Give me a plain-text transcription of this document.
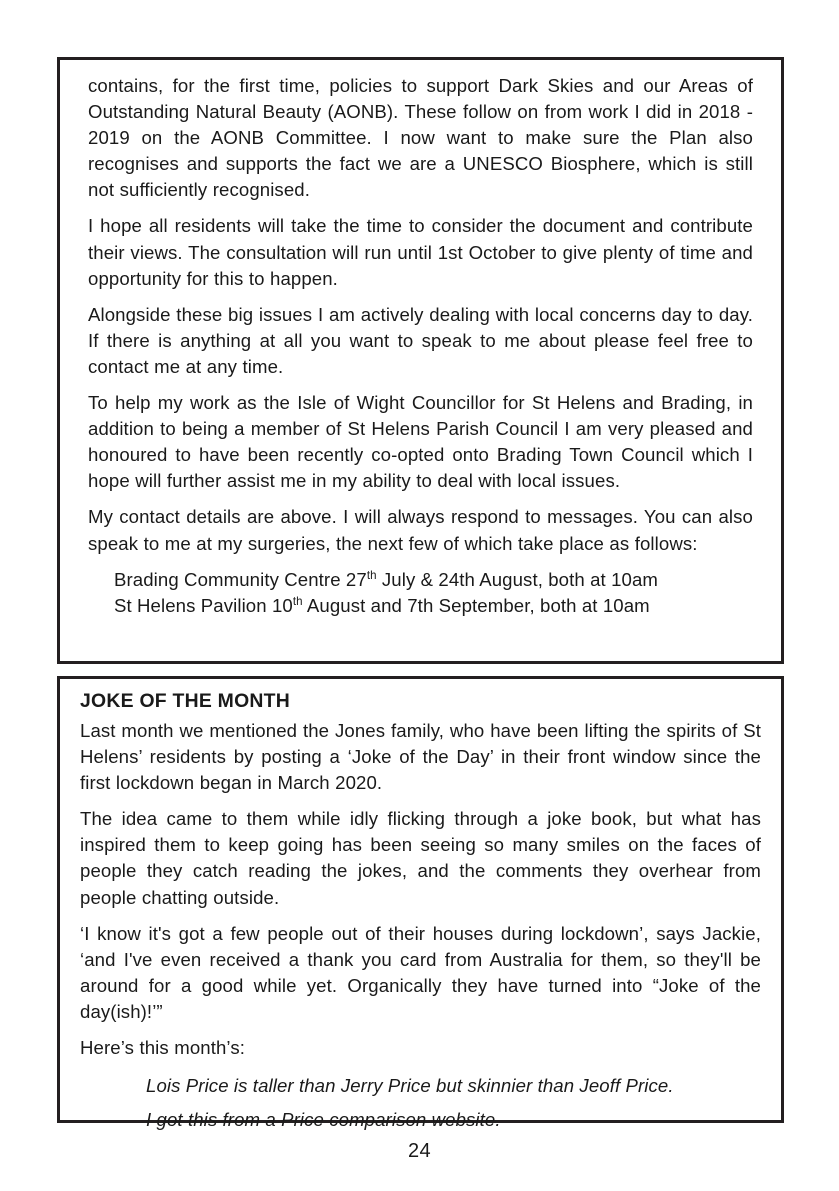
contains, for the first time, policies to support Dark Skies and our Areas of Outstanding Natural Beauty (AONB). These follow on from work I did in 2018 - 2019 on the AONB Committee. I now want to make sure the Plan also recognises and supports the fact we are a UNESCO Biosphere, which is still not sufficiently recognised.

I hope all residents will take the time to consider the document and contribute their views. The consultation will run until 1st October to give plenty of time and opportunity for this to happen.

Alongside these big issues I am actively dealing with local concerns day to day. If there is anything at all you want to speak to me about please feel free to contact me at any time.

To help my work as the Isle of Wight Councillor for St Helens and Brading, in addition to being a member of St Helens Parish Council I am very pleased and honoured to have been recently co-opted onto Brading Town Council which I hope will further assist me in my ability to deal with local issues.

My contact details are above. I will always respond to messages. You can also speak to me at my surgeries, the next few of which take place as follows:

Brading Community Centre 27th July & 24th August, both at 10am
St Helens Pavilion 10th August and 7th September, both at 10am
JOKE OF THE MONTH

Last month we mentioned the Jones family, who have been lifting the spirits of St Helens’ residents by posting a ‘Joke of the Day’ in their front window since the first lockdown began in March 2020.

The idea came to them while idly flicking through a joke book, but what has inspired them to keep going has been seeing so many smiles on the faces of people they catch reading the jokes, and the comments they overhear from people chatting outside.

‘I know it's got a few people out of their houses during lockdown’, says Jackie, ‘and I've even received a thank you card from Australia for them, so they'll be around for a good while yet. Organically they have turned into “Joke of the day(ish)!’”

Here’s this month’s:

Lois Price is taller than Jerry Price but skinnier than Jeoff Price.

I got this from a Price comparison website.

24
